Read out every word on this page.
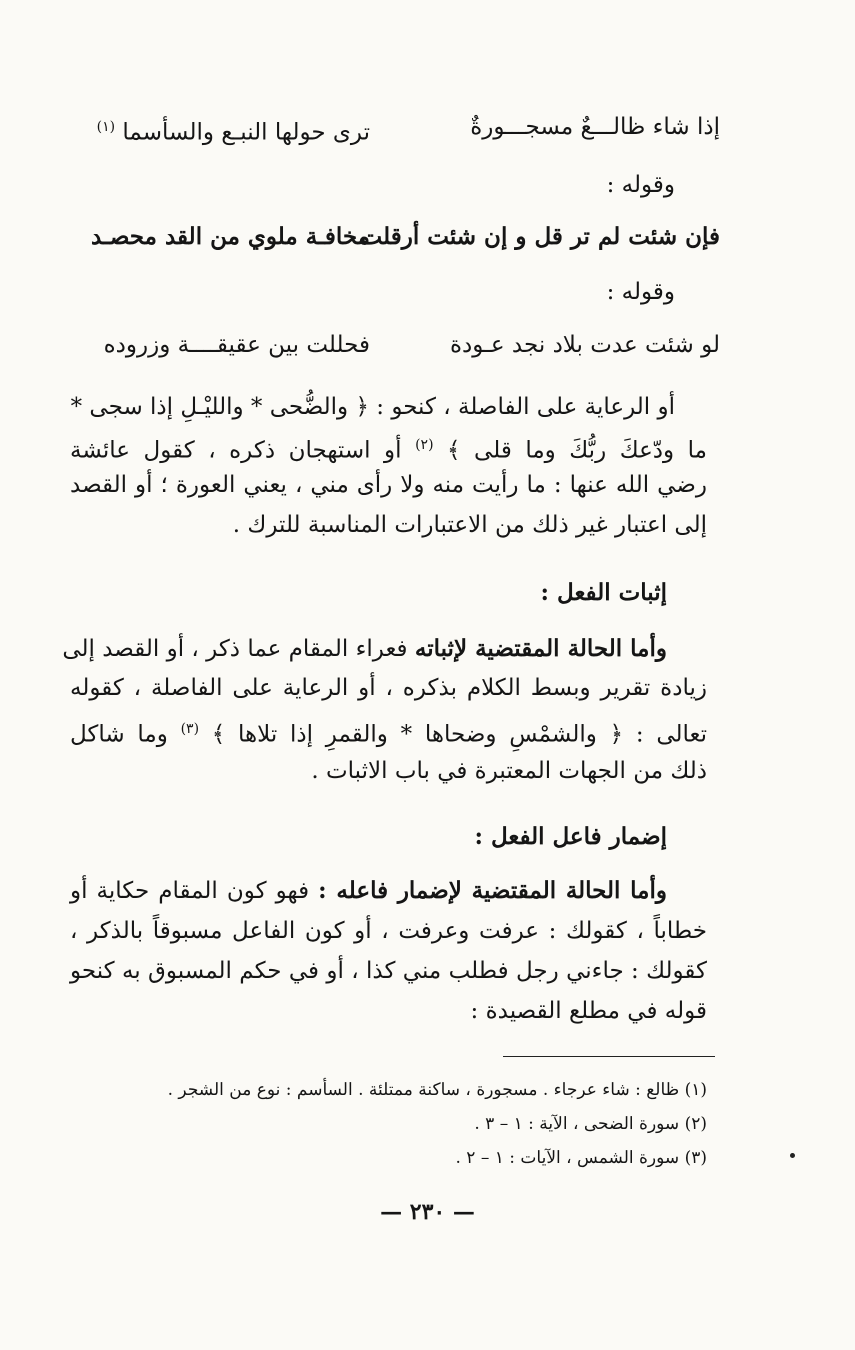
إذا شاء ظالـــعٌ مسجـــورةٌ
ترى حولها النبـع والسأسما $^{(١)}$
وقوله :
فإن شئت لم تر قل و إن شئت أرقلت
مخافـة ملوي من القد محصـد
وقوله :
لو شئت عدت بلاد نجد عـودة
فحللت بين عقيقــــة وزروده
أو الرعاية على الفاصلة ، كنحو : ﴿ والضُّحى * والليْـلِ إذا سجى *
ما ودّعكَ ربُّكَ وما قلى ﴾ $^{(٢)}$ أو استهجان ذكره ، كقول عائشة
رضي الله عنها : ما رأيت منه ولا رأى مني ، يعني العورة ؛ أو القصد
إلى اعتبار غير ذلك من الاعتبارات المناسبة للترك .
إثبات الفعل :
وأما الحالة المقتضية لإثباته فعراء المقام عما ذكر ، أو القصد إلى
زيادة تقرير وبسط الكلام بذكره ، أو الرعاية على الفاصلة ، كقوله
تعالى : ﴿ والشمْسِ وضحاها * والقمرِ إذا تلاها ﴾ $^{(٣)}$ وما شاكل
ذلك من الجهات المعتبرة في باب الاثبات .
إضمار فاعل الفعل :
وأما الحالة المقتضية لإضمار فاعله : فهو كون المقام حكاية أو
خطاباً ، كقولك : عرفت وعرفت ، أو كون الفاعل مسبوقاً بالذكر ،
كقولك : جاءني رجل فطلب مني كذا ، أو في حكم المسبوق به كنحو
قوله في مطلع القصيدة :
(١) ظالع : شاء عرجاء . مسجورة ، ساكنة ممتلئة . السأسم : نوع من الشجر .
(٢) سورة الضحى ، الآية : ١ – ٣ .
(٣) سورة الشمس ، الآيات : ١ – ٢ .
— ٢٣٠ —
